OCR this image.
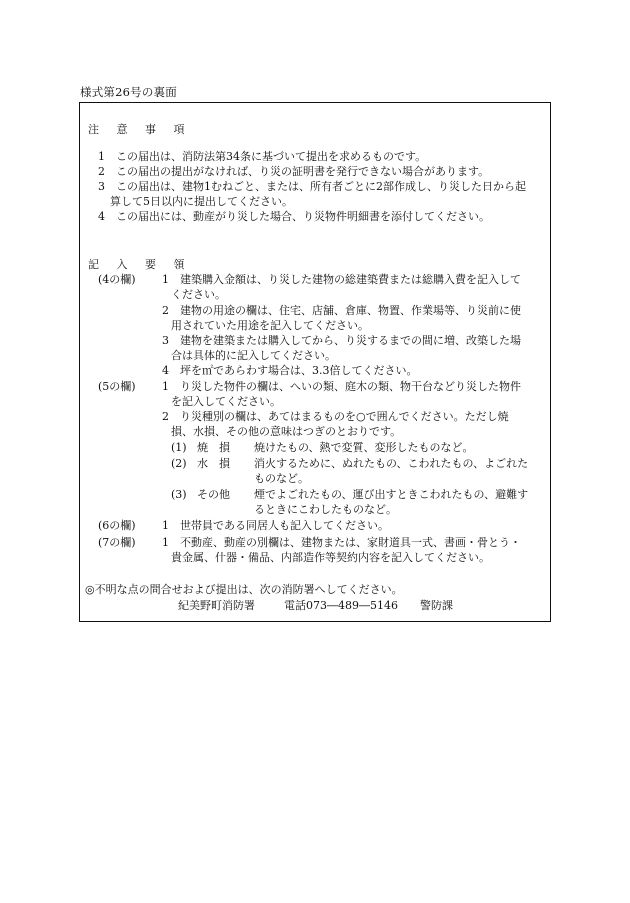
様式第26号の裏面
注 意 事 項
1　この届出は、消防法第34条に基づいて提出を求めるものです。
2　この届出の提出がなければ、り災の証明書を発行できない場合があります。
3　この届出は、建物1むねごと、または、所有者ごとに2部作成し、り災した日から起
算して5日以内に提出してください。
4　この届出には、動産がり災した場合、り災物件明細書を添付してください。
記 入 要 領
(4の欄) 1　建築購入金額は、り災した建物の総建築費または総購入費を記入して
ください。
2　建物の用途の欄は、住宅、店舗、倉庫、物置、作業場等、り災前に使
用されていた用途を記入してください。
3　建物を建築または購入してから、り災するまでの間に増、改築した場
合は具体的に記入してください。
4　坪を㎡であらわす場合は、3.3倍してください。
(5の欄) 1　り災した物件の欄は、へいの類、庭木の類、物干台などり災した物件
を記入してください。
2　り災種別の欄は、あてはまるものを○で囲んでください。ただし焼
損、水損、その他の意味はつぎのとおりです。
(1) 焼　損 焼けたもの、熱で変質、変形したものなど。
(2) 水　損 消火するために、ぬれたもの、こわれたもの、よごれた
ものなど。
(3) その他 煙でよごれたもの、運び出すときこわれたもの、避難す
るときにこわしたものなど。
(6の欄) 1　世帯員である同居人も記入してください。
(7の欄) 1　不動産、動産の別欄は、建物または、家財道具一式、書画・骨とう・
貴金属、什器・備品、内部造作等契約内容を記入してください。
◎不明な点の問合せおよび提出は、次の消防署へしてください。
紀美野町消防署	電話073―489―5146 警防課
